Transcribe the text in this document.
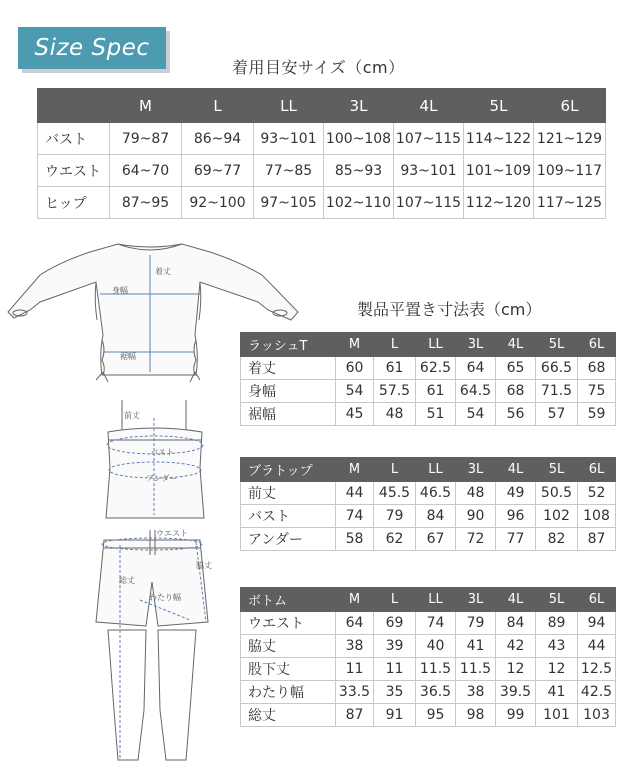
Size Spec
着用目安サイズ（cm）
	M	L	LL	3L	4L	5L	6L
バスト	79~87	86~94	93~101	100~108	107~115	114~122	121~129
ウエスト	64~70	69~77	77~85	85~93	93~101	101~109	109~117
ヒップ	87~95	92~100	97~105	102~110	107~115	112~120	117~125
製品平置き寸法表（cm）
ラッシュT	M	L	LL	3L	4L	5L	6L
着丈	60	61	62.5	64	65	66.5	68
身幅	54	57.5	61	64.5	68	71.5	75
裾幅	45	48	51	54	56	57	59
ブラトップ	M	L	LL	3L	4L	5L	6L
前丈	44	45.5	46.5	48	49	50.5	52
バスト	74	79	84	90	96	102	108
アンダー	58	62	67	72	77	82	87
ボトム	M	L	LL	3L	4L	5L	6L
ウエスト	64	69	74	79	84	89	94
脇丈	38	39	40	41	42	43	44
股下丈	11	11	11.5	11.5	12	12	12.5
わたり幅	33.5	35	36.5	38	39.5	41	42.5
総丈	87	91	95	98	99	101	103
着丈
身幅
裾幅
前丈
バスト
アンダー
ウエスト
脇丈
総丈
わたり幅
